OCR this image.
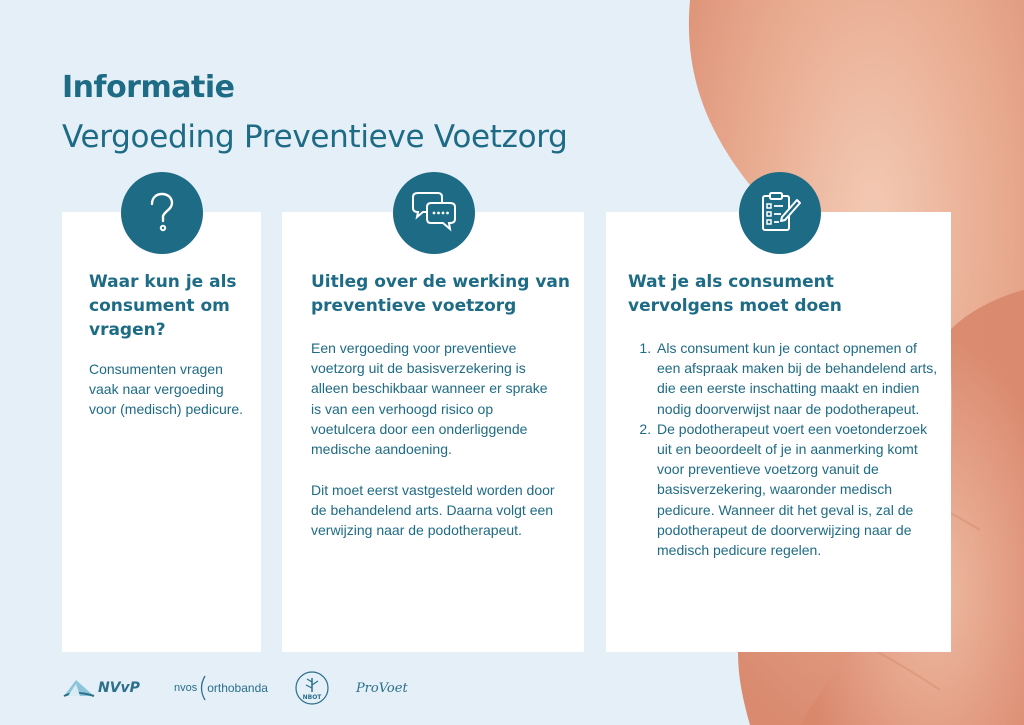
Informatie
Vergoeding Preventieve Voetzorg
Waar kun je als consument om vragen?

Consumenten vragen vaak naar vergoeding voor (medisch) pedicure.

Uitleg over de werking van preventieve voetzorg

Een vergoeding voor preventieve voetzorg uit de basisverzekering is alleen beschikbaar wanneer er sprake is van een verhoogd risico op voetulcera door een onderliggende medische aandoening.

Dit moet eerst vastgesteld worden door de behandelend arts. Daarna volgt een verwijzing naar de podotherapeut.

Wat je als consument vervolgens moet doen
1. Als consument kun je contact opnemen of een afspraak maken bij de behandelend arts, die een eerste inschatting maakt en indien nodig doorverwijst naar de podotherapeut.
2. De podotherapeut voert een voetonderzoek uit en beoordeelt of je in aanmerking komt voor preventieve voetzorg vanuit de basisverzekering, waaronder medisch pedicure. Wanneer dit het geval is, zal de podotherapeut de doorverwijzing naar de medisch pedicure regelen.
NVvP	nvos orthobanda
NBOT
Pro Voet
